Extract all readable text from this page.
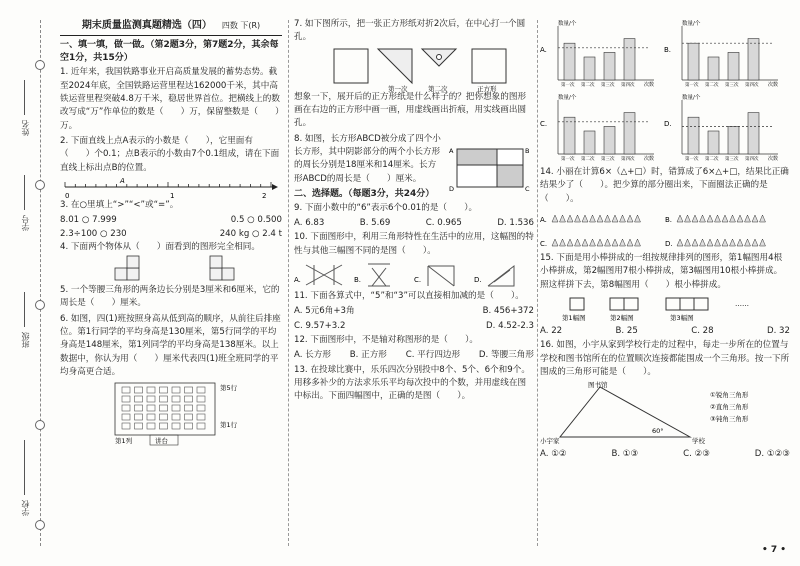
姓名
学号
班级
学校
期末质量监测真题精选（四） 四数 下(R)
一、填一填，做一做。（第2题3分，第7题2分，其余每空1分，共15分）
1. 近年来，我国铁路事业开启高质量发展的蓄势态势。截至2024年底，全国铁路运营里程达162000千米，其中高铁运营里程突破4.8万千米，稳居世界首位。把横线上的数改写成“万”作单位的数是（　　）万，保留整数是（　　）万。
2. 下面直线上点A表示的小数是（　　），它里面有（　　）个0.1；点B表示的小数由7个0.1组成，请在下面直线上标出点B的位置。
0
A
1	2
3. 在○里填上“>”“<”或“=”。
8.01 ○ 7.999	0.5 ○ 0.500
2.3÷100 ○ 230	240 kg ○ 2.4 t
4. 下面两个物体从（　　）面看到的图形完全相同。
5. 一个等腰三角形的两条边长分别是3厘米和6厘米，它的周长是（　　）厘米。
6. 如图，四(1)班按照身高从低到高的顺序，从前往后排座位。第1行同学的平均身高是130厘米，第5行同学的平均身高是148厘米，第1列同学的平均身高是138厘米。以上数据中，你认为用（　　）厘米代表四(1)班全班同学的平均身高更合适。
第5行
第1行
第1列	讲台
7. 如下图所示，把一张正方形纸对折2次后，在中心打一个圆孔。
第一次	第二次	正方形
想象一下，展开后的正方形纸是什么样子的？把你想象的图形画在右边的正方形中画一画，用虚线画出折痕，用实线画出圆孔。
8. 如图，长方形ABCD被分成了四个小长方形，其中阴影部分的两个小长方形的周长分别是18厘米和14厘米。长方形ABCD的周长是（　　）厘米。
A	B
D	C
二、选择题。（每题3分，共24分）
9. 下面小数中的“6”表示6个0.01的是（　　）。
A. 6.83	B. 5.69	C. 0.965	D. 1.536
10. 下面图形中，利用三角形特性在生活中的应用，这幅图的特性与其他三幅图不同的是图（　　）。
A.	B.	C.	D.
11. 下面各算式中，“5”和“3”可以直接相加减的是（　　）。
A. 5元6角+3角	B. 456+372
C. 9.57+3.2	D. 4.52-2.3
12. 下面图形中，不是轴对称图形的是（　　）。
A. 长方形 B. 正方形 C. 平行四边形 D. 等腰三角形
13. 在投球比赛中，乐乐四次分别投中8个、5个、6个和9个。用移多补少的方法求乐乐平均每次投中的个数，并用虚线在图中标出。下面四幅图中，正确的是图（　　）。
A.
数量/个
次数
第一次 第二次 第三次 第四次
B.
数量/个
次数
第一次 第二次 第三次 第四次
C.
数量/个
次数
第一次 第二次 第三次 第四次
D.
数量/个
次数
第一次 第二次 第三次 第四次
14. 小丽在计算6×（△+□）时，错算成了6×△+□，结果比正确结果少了（　　）。把少算的部分圈出来，下面圈法正确的是（　　）。
A.	B.
C.	D.
15. 下面是用小棒拼成的一组按规律排列的图形，第1幅图用4根小棒拼成，第2幅图用7根小棒拼成，第3幅图用10根小棒拼成。照这样拼下去，第8幅图用（　　）根小棒拼成。
第1幅图	第2幅图	第3幅图
……
A. 22	B. 25	C. 28	D. 32
16. 如图，小宇从家到学校行走的过程中，每走一步所在的位置与学校和图书馆所在的位置顺次连接都能围成一个三角形。按一下所围成的三角形可能是（　　）。
图书馆
小宇家	学校
60°
①锐角三角形
②直角三角形
③钝角三角形
A. ①②	B. ①③	C. ②③	D. ①②③
• 7 •
